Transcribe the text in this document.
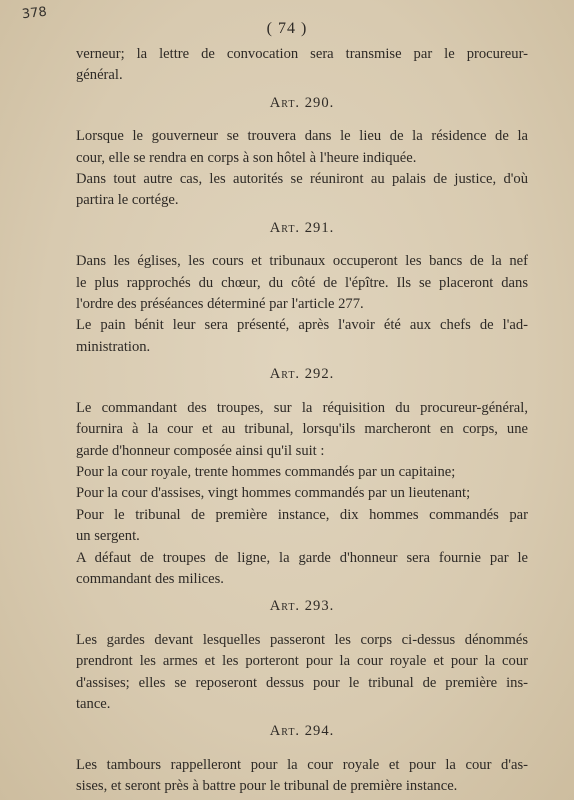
378
( 74 )

verneur; la lettre de convocation sera transmise par le procureur-
général.

Art. 290.

Lorsque le gouverneur se trouvera dans le lieu de la résidence de la
cour, elle se rendra en corps à son hôtel à l'heure indiquée.

Dans tout autre cas, les autorités se réuniront au palais de justice, d'où
partira le cortége.

Art. 291.

Dans les églises, les cours et tribunaux occuperont les bancs de la nef
le plus rapprochés du chœur, du côté de l'épître. Ils se placeront dans
l'ordre des préséances déterminé par l'article 277.

Le pain bénit leur sera présenté, après l'avoir été aux chefs de l'ad-
ministration.

Art. 292.

Le commandant des troupes, sur la réquisition du procureur-général,
fournira à la cour et au tribunal, lorsqu'ils marcheront en corps, une
garde d'honneur composée ainsi qu'il suit :

Pour la cour royale, trente hommes commandés par un capitaine;

Pour la cour d'assises, vingt hommes commandés par un lieutenant;

Pour le tribunal de première instance, dix hommes commandés par
un sergent.

A défaut de troupes de ligne, la garde d'honneur sera fournie par le
commandant des milices.

Art. 293.

Les gardes devant lesquelles passeront les corps ci-dessus dénommés
prendront les armes et les porteront pour la cour royale et pour la cour
d'assises; elles se reposeront dessus pour le tribunal de première ins-
tance.

Art. 294.

Les tambours rappelleront pour la cour royale et pour la cour d'as-
sises, et seront près à battre pour le tribunal de première instance.
